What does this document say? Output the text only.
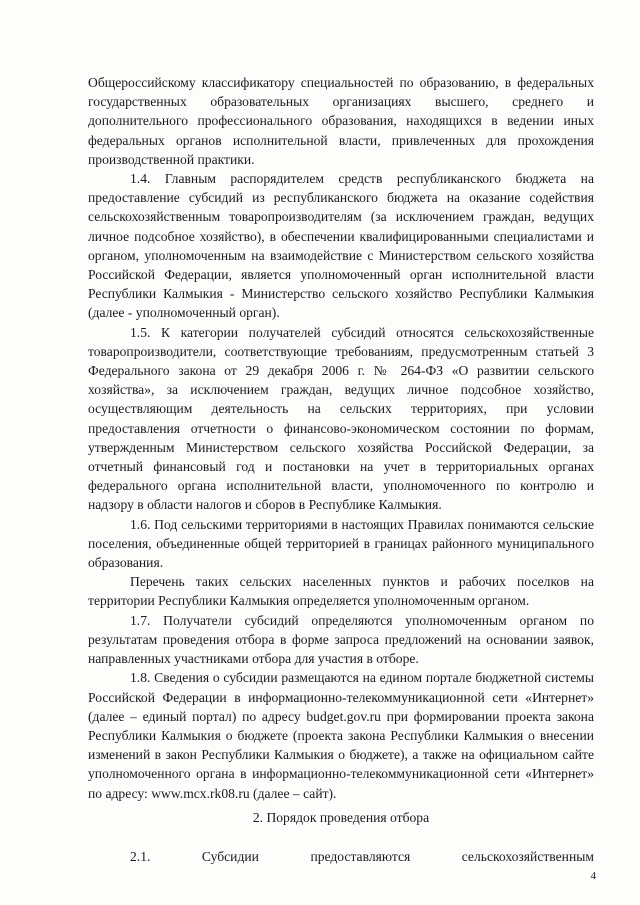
Общероссийскому классификатору специальностей по образованию, в федеральных государственных образовательных организациях высшего, среднего и дополнительного профессионального образования, находящихся в ведении иных федеральных органов исполнительной власти, привлеченных для прохождения производственной практики.

1.4. Главным распорядителем средств республиканского бюджета на предоставление субсидий из республиканского бюджета на оказание содействия сельскохозяйственным товаропроизводителям (за исключением граждан, ведущих личное подсобное хозяйство), в обеспечении квалифицированными специалистами и органом, уполномоченным на взаимодействие с Министерством сельского хозяйства Российской Федерации, является уполномоченный орган исполнительной власти Республики Калмыкия - Министерство сельского хозяйство Республики Калмыкия (далее - уполномоченный орган).

1.5. К категории получателей субсидий относятся сельскохозяйственные товаропроизводители, соответствующие требованиям, предусмотренным статьей 3 Федерального закона от 29 декабря 2006 г. № 264-ФЗ «О развитии сельского хозяйства», за исключением граждан, ведущих личное подсобное хозяйство, осуществляющим деятельность на сельских территориях, при условии предоставления отчетности о финансово-экономическом состоянии по формам, утвержденным Министерством сельского хозяйства Российской Федерации, за отчетный финансовый год и постановки на учет в территориальных органах федерального органа исполнительной власти, уполномоченного по контролю и надзору в области налогов и сборов в Республике Калмыкия.

1.6. Под сельскими территориями в настоящих Правилах понимаются сельские поселения, объединенные общей территорией в границах районного муниципального образования.

Перечень таких сельских населенных пунктов и рабочих поселков на территории Республики Калмыкия определяется уполномоченным органом.

1.7. Получатели субсидий определяются уполномоченным органом по результатам проведения отбора в форме запроса предложений на основании заявок, направленных участниками отбора для участия в отборе.

1.8. Сведения о субсидии размещаются на едином портале бюджетной системы Российской Федерации в информационно-телекоммуникационной сети «Интернет» (далее – единый портал) по адресу budget.gov.ru при формировании проекта закона Республики Калмыкия о бюджете (проекта закона Республики Калмыкия о внесении изменений в закон Республики Калмыкия о бюджете), а также на официальном сайте уполномоченного органа в информационно-телекоммуникационной сети «Интернет» по адресу: www.mcx.rk08.ru (далее – сайт).

2. Порядок проведения отбора
2.1.	Субсидии	предоставляются	сельскохозяйственным
4
